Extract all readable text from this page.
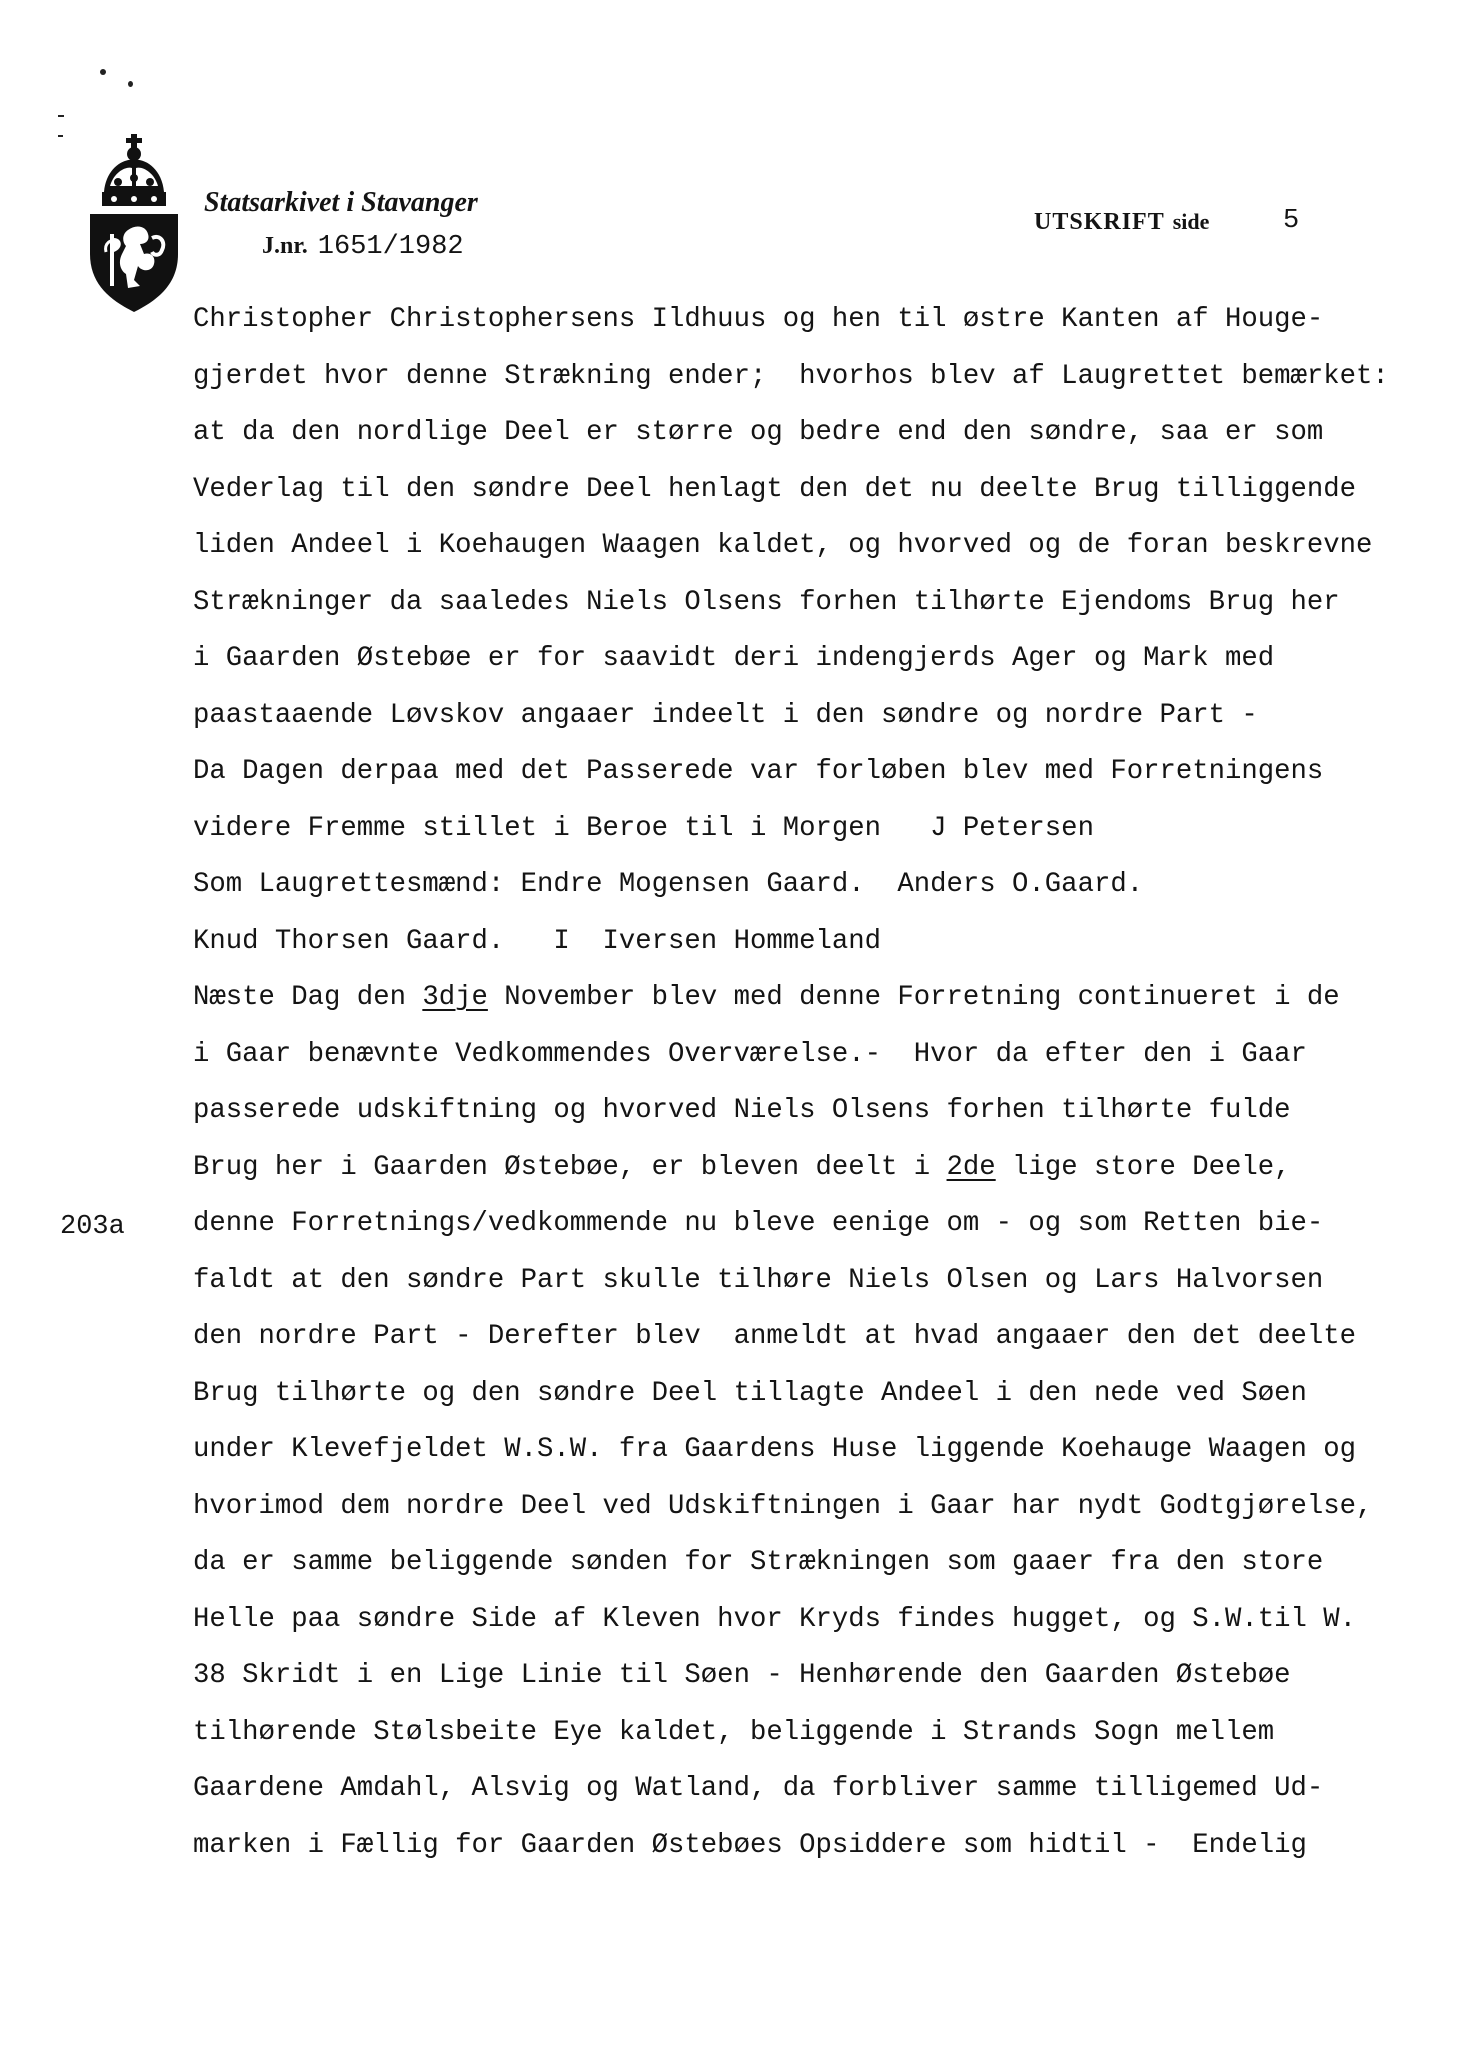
Statsarkivet i Stavanger
J.nr. 1651/1982
UTSKRIFT side	5
203a
Christopher Christophersens Ildhuus og hen til østre Kanten af Houge-
gjerdet hvor denne Strækning ender;  hvorhos blev af Laugrettet bemærket:
at da den nordlige Deel er større og bedre end den søndre, saa er som
Vederlag til den søndre Deel henlagt den det nu deelte Brug tilliggende
liden Andeel i Koehaugen Waagen kaldet, og hvorved og de foran beskrevne
Strækninger da saaledes Niels Olsens forhen tilhørte Ejendoms Brug her
i Gaarden Østebøe er for saavidt deri indengjerds Ager og Mark med
paastaaende Løvskov angaaer indeelt i den søndre og nordre Part -
Da Dagen derpaa med det Passerede var forløben blev med Forretningens
videre Fremme stillet i Beroe til i Morgen   J Petersen
Som Laugrettesmænd: Endre Mogensen Gaard.  Anders O.Gaard.
Knud Thorsen Gaard.   I  Iversen Hommeland
Næste Dag den 3dje November blev med denne Forretning continueret i de
i Gaar benævnte Vedkommendes Overværelse.-  Hvor da efter den i Gaar
passerede udskiftning og hvorved Niels Olsens forhen tilhørte fulde
Brug her i Gaarden Østebøe, er bleven deelt i 2de lige store Deele,
denne Forretnings/vedkommende nu bleve eenige om - og som Retten bie-
faldt at den søndre Part skulle tilhøre Niels Olsen og Lars Halvorsen
den nordre Part - Derefter blev  anmeldt at hvad angaaer den det deelte
Brug tilhørte og den søndre Deel tillagte Andeel i den nede ved Søen
under Klevefjeldet W.S.W. fra Gaardens Huse liggende Koehauge Waagen og
hvorimod dem nordre Deel ved Udskiftningen i Gaar har nydt Godtgjørelse,
da er samme beliggende sønden for Strækningen som gaaer fra den store
Helle paa søndre Side af Kleven hvor Kryds findes hugget, og S.W.til W.
38 Skridt i en Lige Linie til Søen - Henhørende den Gaarden Østebøe
tilhørende Stølsbeite Eye kaldet, beliggende i Strands Sogn mellem
Gaardene Amdahl, Alsvig og Watland, da forbliver samme tilligemed Ud-
marken i Fællig for Gaarden Østebøes Opsiddere som hidtil -  Endelig
